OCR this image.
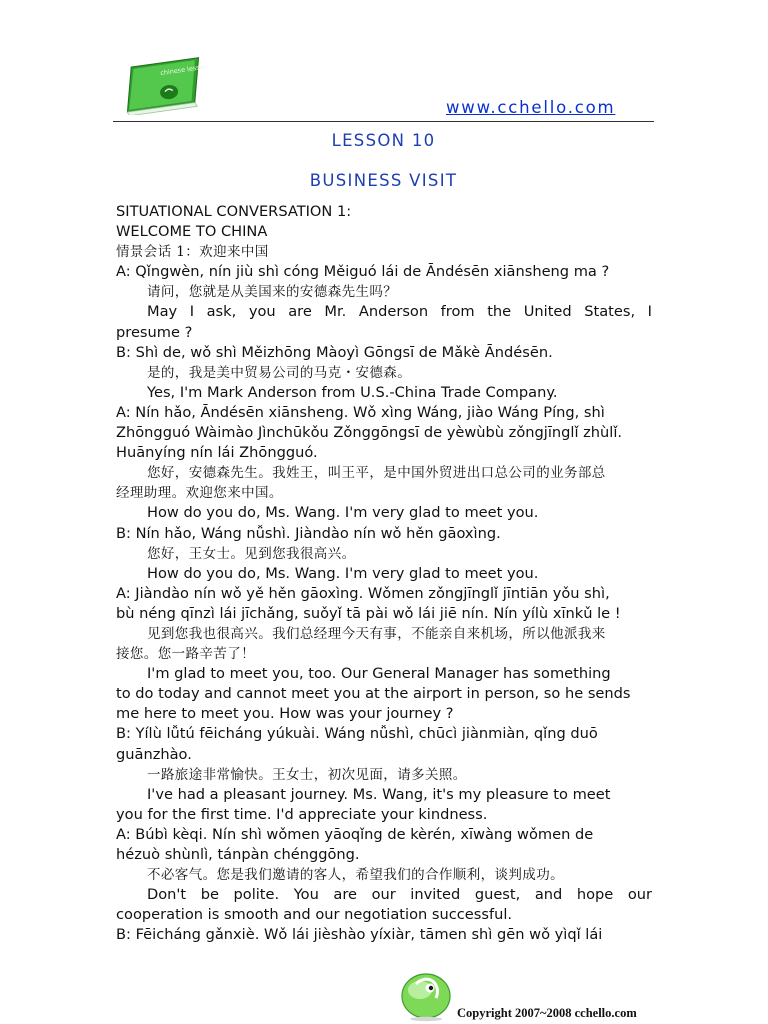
chinese lesson
www.cchello.com
LESSON 10
BUSINESS VISIT
SITUATIONAL CONVERSATION 1:
WELCOME TO CHINA
情景会话 1：欢迎来中国
A: Qǐngwèn, nín jiù shì cóng Měiguó lái de Āndésēn xiānsheng ma ?
请问，您就是从美国来的安德森先生吗？
May I ask, you are Mr. Anderson from the United States, I
presume ?
B: Shì de, wǒ shì Měizhōng Màoyì Gōngsī de Mǎkè Āndésēn.
是的，我是美中贸易公司的马克・安德森。
Yes, I'm Mark Anderson from U.S.-China Trade Company.
A: Nín hǎo, Āndésēn xiānsheng. Wǒ xìng Wáng, jiào Wáng Píng, shì
Zhōngguó Wàimào Jìnchūkǒu Zǒnggōngsī de yèwùbù zǒngjīnglǐ zhùlǐ.
Huānyíng nín lái Zhōngguó.
您好，安德森先生。我姓王，叫王平，是中国外贸进出口总公司的业务部总
经理助理。欢迎您来中国。
How do you do, Ms. Wang. I'm very glad to meet you.
B: Nín hǎo, Wáng nǚshì. Jiàndào nín wǒ hěn gāoxìng.
您好，王女士。见到您我很高兴。
How do you do, Ms. Wang. I'm very glad to meet you.
A: Jiàndào nín wǒ yě hěn gāoxìng. Wǒmen zǒngjīnglǐ jīntiān yǒu shì,
bù néng qīnzì lái jīchǎng, suǒyǐ tā pài wǒ lái jiē nín. Nín yílù xīnkǔ le !
见到您我也很高兴。我们总经理今天有事，不能亲自来机场，所以他派我来
接您。您一路辛苦了！
I'm glad to meet you, too. Our General Manager has something
to do today and cannot meet you at the airport in person, so he sends
me here to meet you. How was your journey ?
B: Yílù lǚtú fēicháng yúkuài. Wáng nǚshì, chūcì jiànmiàn, qǐng duō
guānzhào.
一路旅途非常愉快。王女士，初次见面，请多关照。
I've had a pleasant journey. Ms. Wang, it's my pleasure to meet
you for the first time. I'd appreciate your kindness.
A: Búbì kèqi. Nín shì wǒmen yāoqǐng de kèrén, xīwàng wǒmen de
hézuò shùnlì, tánpàn chénggōng.
不必客气。您是我们邀请的客人，希望我们的合作顺利，谈判成功。
Don't be polite. You are our invited guest, and hope our
cooperation is smooth and our negotiation successful.
B: Fēicháng gǎnxiè. Wǒ lái jièshào yíxiàr, tāmen shì gēn wǒ yìqǐ lái
Copyright 2007~2008 cchello.com
